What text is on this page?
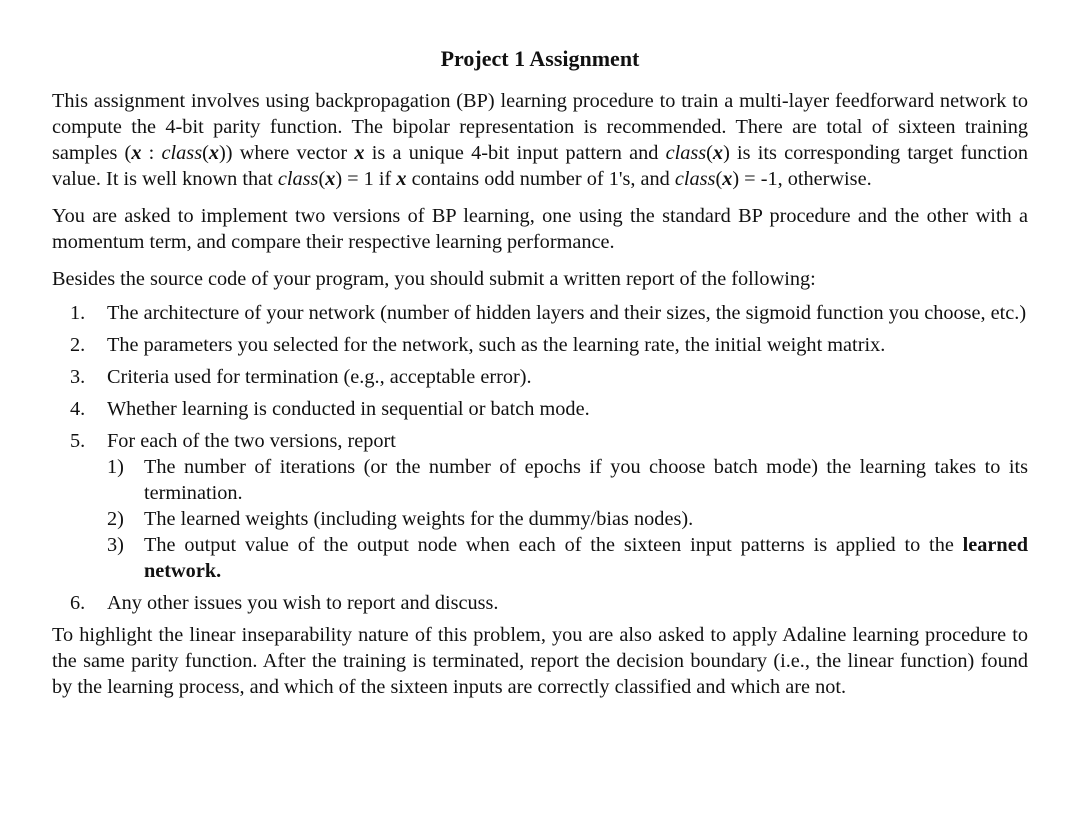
Project 1 Assignment

This assignment involves using backpropagation (BP) learning procedure to train a multi-layer feedforward network to compute the 4-bit parity function. The bipolar representation is recommended. There are total of sixteen training samples (x : class(x)) where vector x is a unique 4-bit input pattern and class(x) is its corresponding target function value. It is well known that class(x) = 1 if x contains odd number of 1's, and class(x) = -1, otherwise.

You are asked to implement two versions of BP learning, one using the standard BP procedure and the other with a momentum term, and compare their respective learning performance.

Besides the source code of your program, you should submit a written report of the following:

1. The architecture of your network (number of hidden layers and their sizes, the sigmoid function you choose, etc.)
2. The parameters you selected for the network, such as the learning rate, the initial weight matrix.
3. Criteria used for termination (e.g., acceptable error).
4. Whether learning is conducted in sequential or batch mode.
5. For each of the two versions, report
1) The number of iterations (or the number of epochs if you choose batch mode) the learning takes to its termination.
2) The learned weights (including weights for the dummy/bias nodes).
3) The output value of the output node when each of the sixteen input patterns is applied to the learned network.
6. Any other issues you wish to report and discuss.

To highlight the linear inseparability nature of this problem, you are also asked to apply Adaline learning procedure to the same parity function. After the training is terminated, report the decision boundary (i.e., the linear function) found by the learning process, and which of the sixteen inputs are correctly classified and which are not.
